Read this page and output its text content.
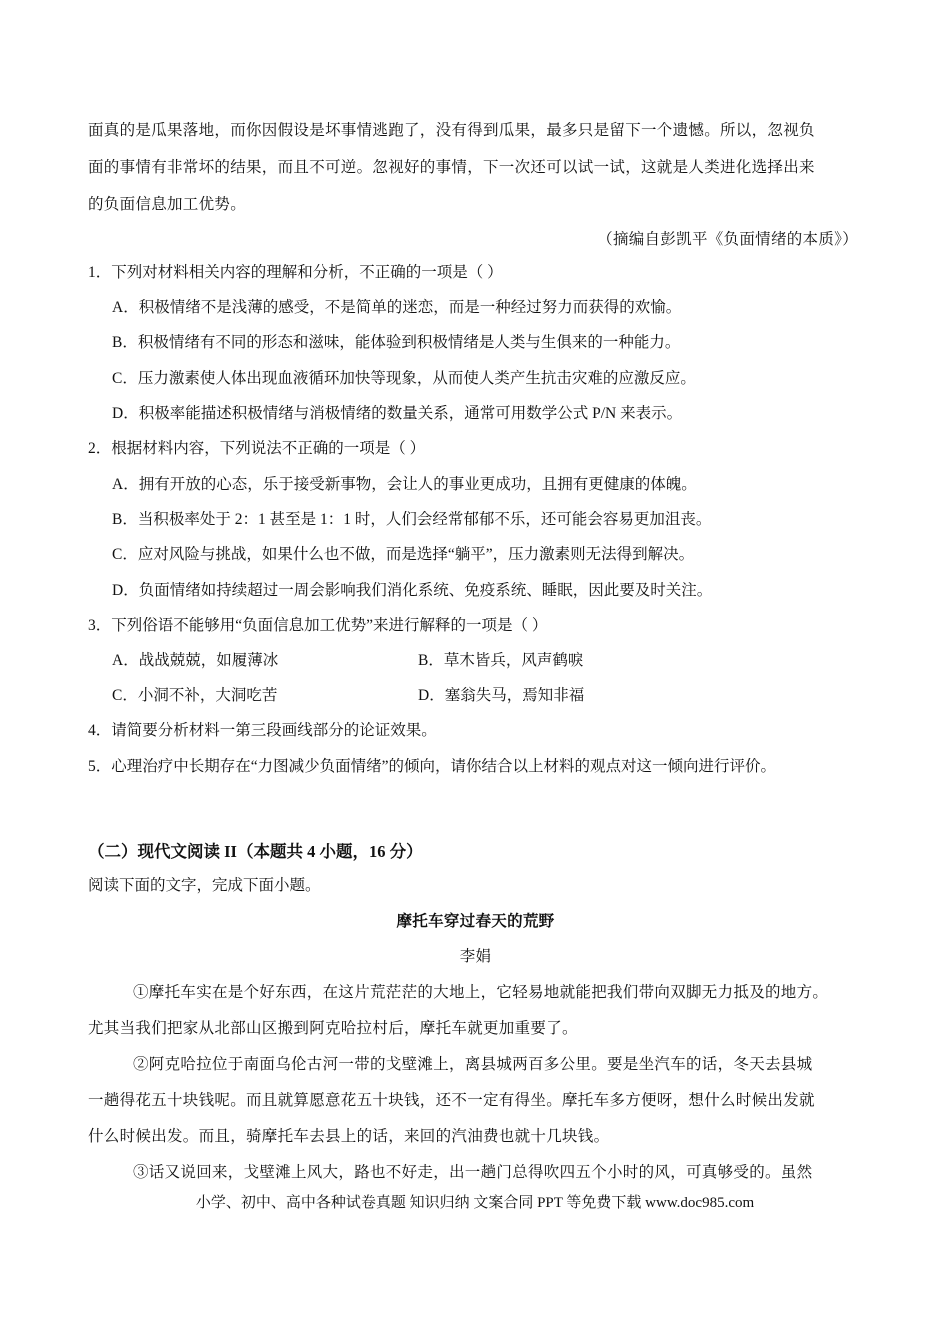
面真的是瓜果落地，而你因假设是坏事情逃跑了，没有得到瓜果，最多只是留下一个遗憾。所以，忽视负
面的事情有非常坏的结果，而且不可逆。忽视好的事情，下一次还可以试一试，这就是人类进化选择出来
的负面信息加工优势。
（摘编自彭凯平《负面情绪的本质》）
1．下列对材料相关内容的理解和分析，不正确的一项是（ ）
A．积极情绪不是浅薄的感受，不是简单的迷恋，而是一种经过努力而获得的欢愉。
B．积极情绪有不同的形态和滋味，能体验到积极情绪是人类与生俱来的一种能力。
C．压力激素使人体出现血液循环加快等现象，从而使人类产生抗击灾难的应激反应。
D．积极率能描述积极情绪与消极情绪的数量关系，通常可用数学公式 P/N 来表示。
2．根据材料内容，下列说法不正确的一项是（ ）
A．拥有开放的心态，乐于接受新事物，会让人的事业更成功，且拥有更健康的体魄。
B．当积极率处于 2：1 甚至是 1：1 时，人们会经常郁郁不乐，还可能会容易更加沮丧。
C．应对风险与挑战，如果什么也不做，而是选择“躺平”，压力激素则无法得到解决。
D．负面情绪如持续超过一周会影响我们消化系统、免疫系统、睡眠，因此要及时关注。
3．下列俗语不能够用“负面信息加工优势”来进行解释的一项是（ ）
A．战战兢兢，如履薄冰	B．草木皆兵，风声鹤唳
C．小洞不补，大洞吃苦	D．塞翁失马，焉知非福
4．请简要分析材料一第三段画线部分的论证效果。
5．心理治疗中长期存在“力图减少负面情绪”的倾向，请你结合以上材料的观点对这一倾向进行评价。
（二）现代文阅读 II（本题共 4 小题，16 分）
阅读下面的文字，完成下面小题。
摩托车穿过春天的荒野
李娟
①摩托车实在是个好东西，在这片荒茫茫的大地上，它轻易地就能把我们带向双脚无力抵及的地方。
尤其当我们把家从北部山区搬到阿克哈拉村后，摩托车就更加重要了。
②阿克哈拉位于南面乌伦古河一带的戈壁滩上，离县城两百多公里。要是坐汽车的话，冬天去县城
一趟得花五十块钱呢。而且就算愿意花五十块钱，还不一定有得坐。摩托车多方便呀，想什么时候出发就
什么时候出发。而且，骑摩托车去县上的话，来回的汽油费也就十几块钱。
③话又说回来，戈壁滩上风大，路也不好走，出一趟门总得吹四五个小时的风，可真够受的。虽然
小学、初中、高中各种试卷真题 知识归纳 文案合同 PPT 等免费下载 www.doc985.com
